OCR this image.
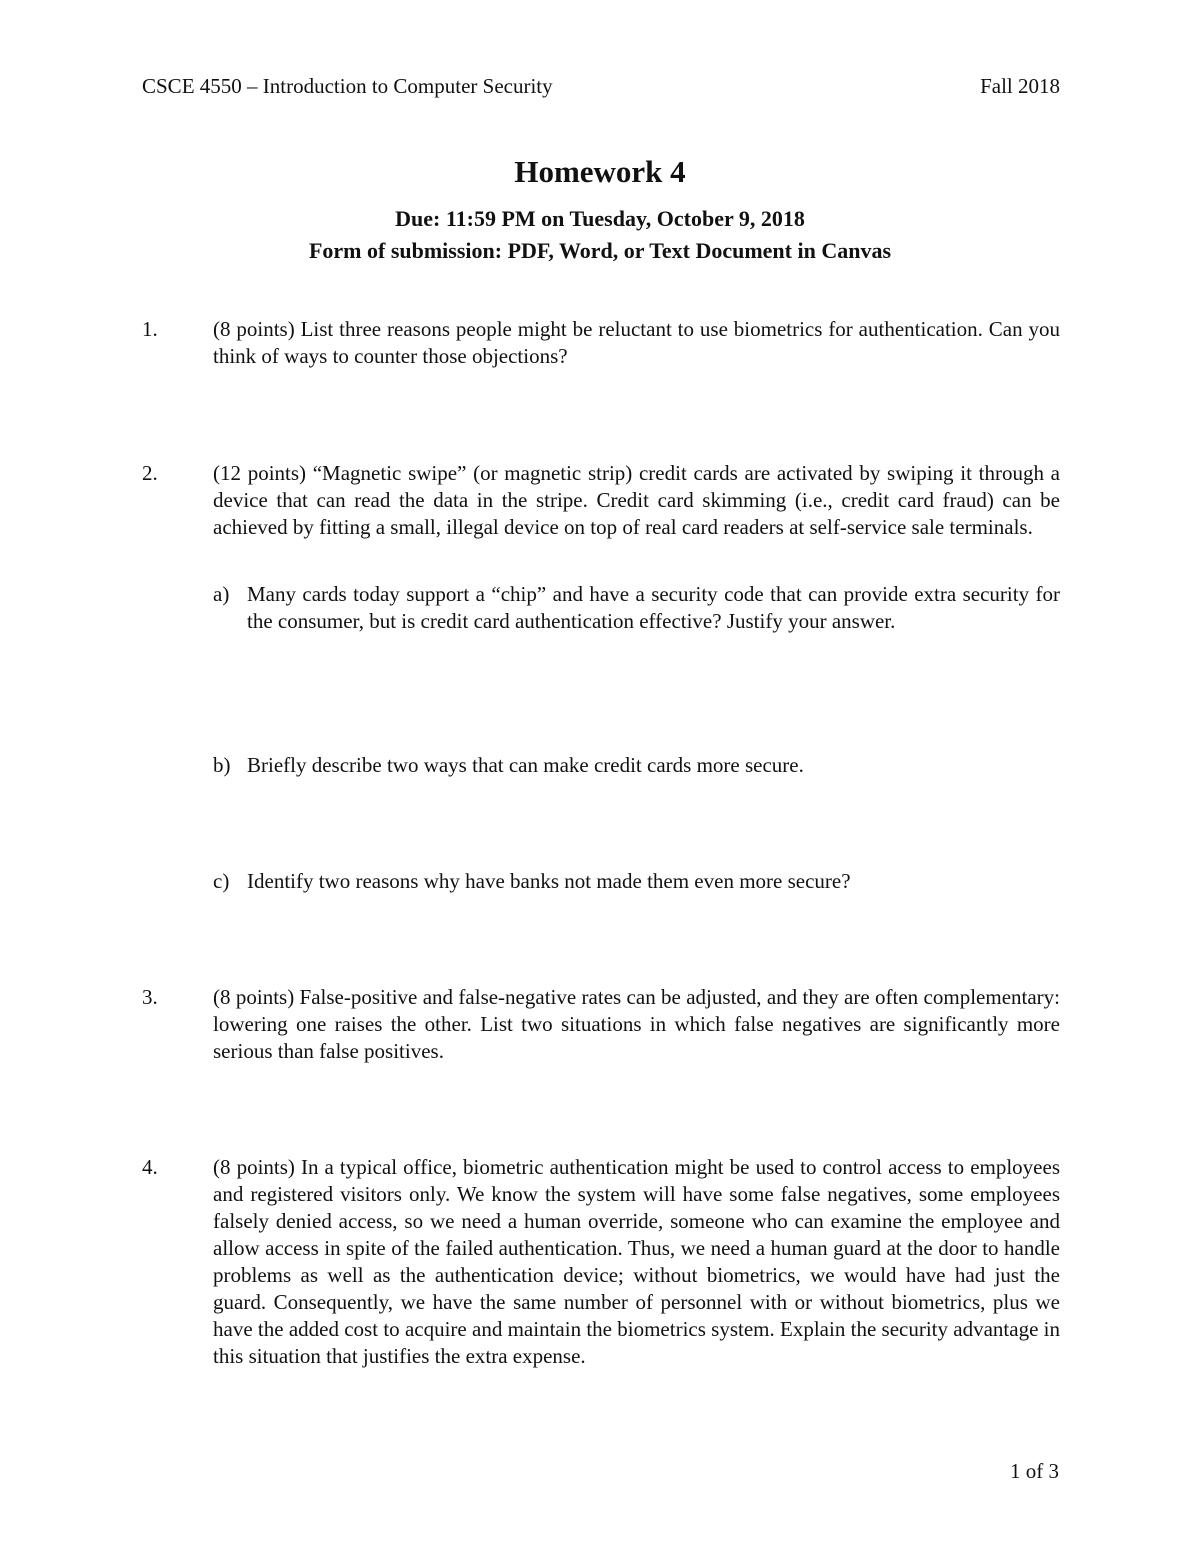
CSCE 4550 – Introduction to Computer Security	Fall 2018
Homework 4
Due: 11:59 PM on Tuesday, October 9, 2018
Form of submission: PDF, Word, or Text Document in Canvas
1.	(8 points) List three reasons people might be reluctant to use biometrics for authentication. Can you think of ways to counter those objections?
2.	(12 points) “Magnetic swipe” (or magnetic strip) credit cards are activated by swiping it through a device that can read the data in the stripe. Credit card skimming (i.e., credit card fraud) can be achieved by fitting a small, illegal device on top of real card readers at self-service sale terminals.
a) Many cards today support a “chip” and have a security code that can provide extra security for the consumer, but is credit card authentication effective? Justify your answer.
b) Briefly describe two ways that can make credit cards more secure.
c) Identify two reasons why have banks not made them even more secure?
3.	(8 points) False-positive and false-negative rates can be adjusted, and they are often complementary: lowering one raises the other. List two situations in which false negatives are significantly more serious than false positives.
4.	(8 points) In a typical office, biometric authentication might be used to control access to employees and registered visitors only. We know the system will have some false negatives, some employees falsely denied access, so we need a human override, someone who can examine the employee and allow access in spite of the failed authentication. Thus, we need a human guard at the door to handle problems as well as the authentication device; without biometrics, we would have had just the guard. Consequently, we have the same number of personnel with or without biometrics, plus we have the added cost to acquire and maintain the biometrics system. Explain the security advantage in this situation that justifies the extra expense.
1 of 3
